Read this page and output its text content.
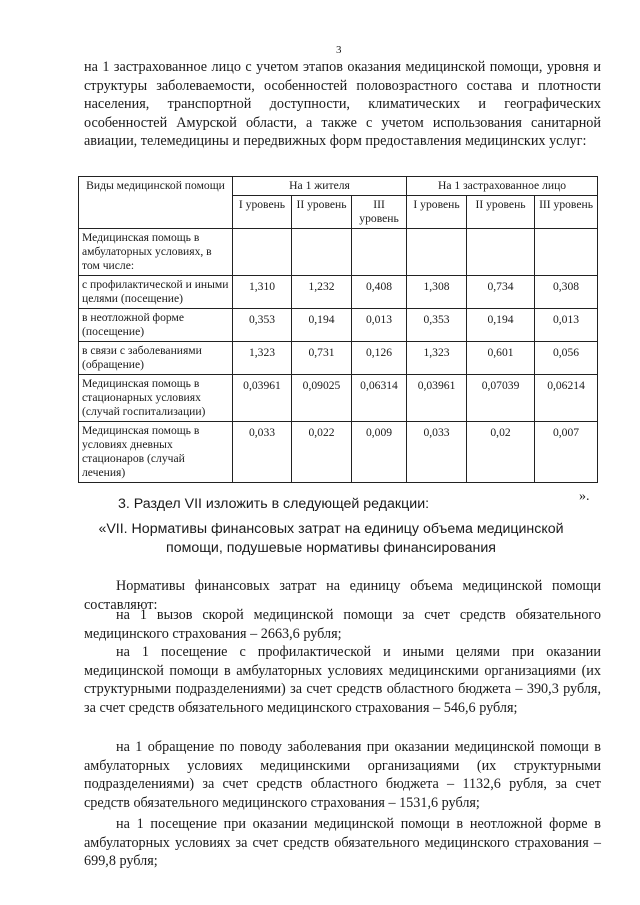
3

на 1 застрахованное лицо с учетом этапов оказания медицинской помощи, уровня и структуры заболеваемости, особенностей половозрастного состава и плотности населения, транспортной доступности, климатических и географических особенностей Амурской области, а также с учетом использования санитарной авиации, телемедицины и передвижных форм предоставления медицинских услуг:

Виды медицинской помощи	На 1 жителя			На 1 застрахованное лицо		
	I уровень	II уровень	III уровень	I уровень	II уровень	III уровень
Медицинская помощь в амбулаторных условиях, в том числе:						
с профилактической и иными целями (посещение)	1,310	1,232	0,408	1,308	0,734	0,308
в неотложной форме (посещение)	0,353	0,194	0,013	0,353	0,194	0,013
в связи с заболеваниями (обращение)	1,323	0,731	0,126	1,323	0,601	0,056
Медицинская помощь в стационарных условиях (случай госпитализации)	0,03961	0,09025	0,06314	0,03961	0,07039	0,06214
Медицинская помощь в условиях дневных стационаров (случай лечения)	0,033	0,022	0,009	0,033	0,02	0,007
».
3. Раздел VII изложить в следующей редакции:
«VII. Нормативы финансовых затрат на единицу объема медицинской помощи, подушевые нормативы финансирования

Нормативы финансовых затрат на единицу объема медицинской помощи составляют:

на 1 вызов скорой медицинской помощи за счет средств обязательного медицинского страхования – 2663,6 рубля;

на 1 посещение с профилактической и иными целями при оказании медицинской помощи в амбулаторных условиях медицинскими организациями (их структурными подразделениями) за счет средств областного бюджета – 390,3 рубля, за счет средств обязательного медицинского страхования – 546,6 рубля;

на 1 обращение по поводу заболевания при оказании медицинской помощи в амбулаторных условиях медицинскими организациями (их структурными подразделениями) за счет средств областного бюджета – 1132,6 рубля, за счет средств обязательного медицинского страхования – 1531,6 рубля;

на 1 посещение при оказании медицинской помощи в неотложной форме в амбулаторных условиях за счет средств обязательного медицинского страхования – 699,8 рубля;
